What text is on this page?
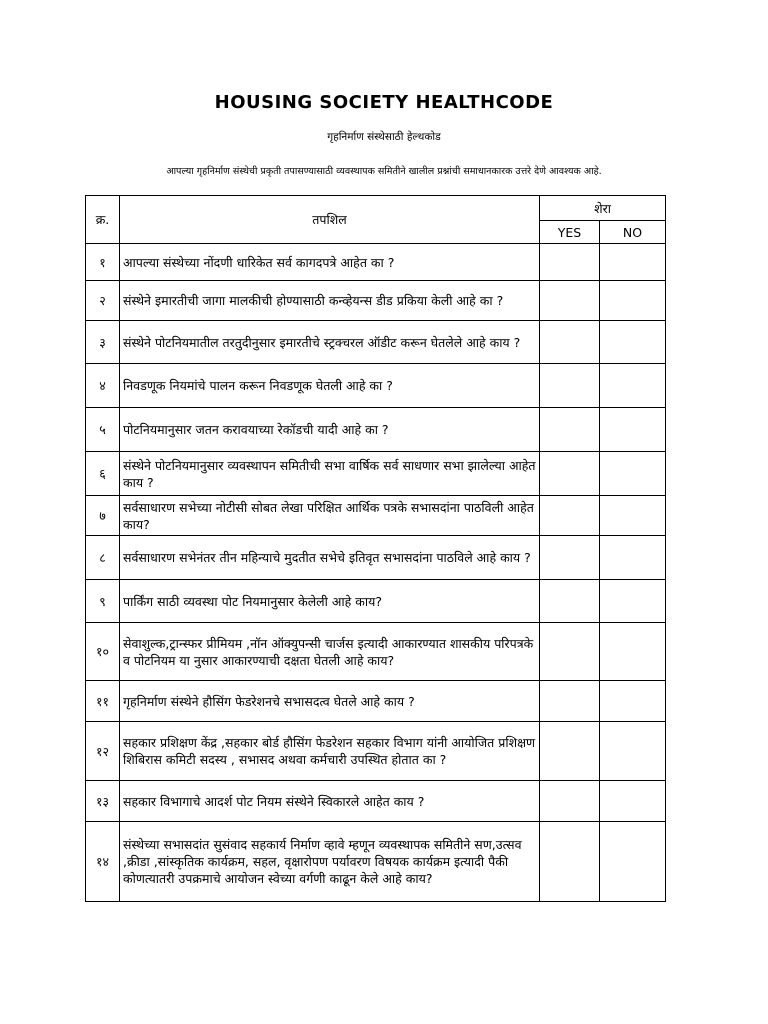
HOUSING SOCIETY HEALTHCODE
गृहनिर्माण संस्थेसाठी हेल्थकोड
आपल्या गृहनिर्माण संस्थेची प्रकृती तपासण्यासाठी व्यवस्थापक समितीने खालील प्रश्नांची समाधानकारक उत्तरे देणे आवश्यक आहे.
क्र.	तपशिल	शेरा	
		YES	NO
१	आपल्या संस्थेच्या नोंदणी धारिकेत सर्व कागदपत्रे आहेत का ?		
२	संस्थेने इमारतीची जागा मालकीची होण्यासाठी कन्व्हेयन्स डीड प्रकिया केली आहे का ?		
३	संस्थेने पोटनियमातील तरतुदीनुसार इमारतीचे स्ट्रक्चरल ऑडीट करून घेतलेले आहे काय ?		
४	निवडणूक नियमांचे पालन करून निवडणूक घेतली आहे का ?		
५	पोटनियमानुसार जतन करावयाच्या रेकॉडची यादी आहे का ?		
६	संस्थेने पोटनियमानुसार व्यवस्थापन समितीची सभा वार्षिक सर्व साधणार सभा झालेल्या आहेत काय ?		
७	सर्वसाधारण सभेच्या नोटीसी सोबत लेखा परिक्षित आर्थिक पत्रके सभासदांना पाठविली आहेत काय?		
८	सर्वसाधारण सभेनंतर तीन महिन्याचे मुदतीत सभेचे इतिवृत सभासदांना पाठविले आहे काय ?		
९	पार्किंग साठी व्यवस्था पोट नियमानुसार केलेली आहे काय?		
१०	सेवाशुल्क,ट्रान्स्फर प्रीमियम ,नॉन ऑक्युपन्सी चार्जस इत्यादी आकारण्यात शासकीय परिपत्रके व पोटनियम या नुसार आकारण्याची दक्षता घेतली आहे काय?		
११	गृहनिर्माण संस्थेने हौसिंग फेडरेशनचे सभासदत्व घेतले आहे काय ?		
१२	सहकार प्रशिक्षण केंद्र ,सहकार बोर्ड हौसिंग फेडरेशन सहकार विभाग यांनी आयोजित प्रशिक्षण शिबिरास कमिटी सदस्य , सभासद अथवा कर्मचारी उपस्थित होतात का ?		
१३	सहकार विभागाचे आदर्श पोट नियम संस्थेने स्विकारले आहेत काय ?		
१४	संस्थेच्या सभासदांत सुसंवाद सहकार्य निर्माण व्हावे म्हणून व्यवस्थापक समितीने सण,उत्सव ,क्रीडा ,सांस्कृतिक कार्यक्रम, सहल, वृक्षारोपण पर्यावरण विषयक कार्यक्रम इत्यादी पैकी कोणत्यातरी उपक्रमाचे आयोजन स्वेच्या वर्गणी काढून केले आहे काय?		
